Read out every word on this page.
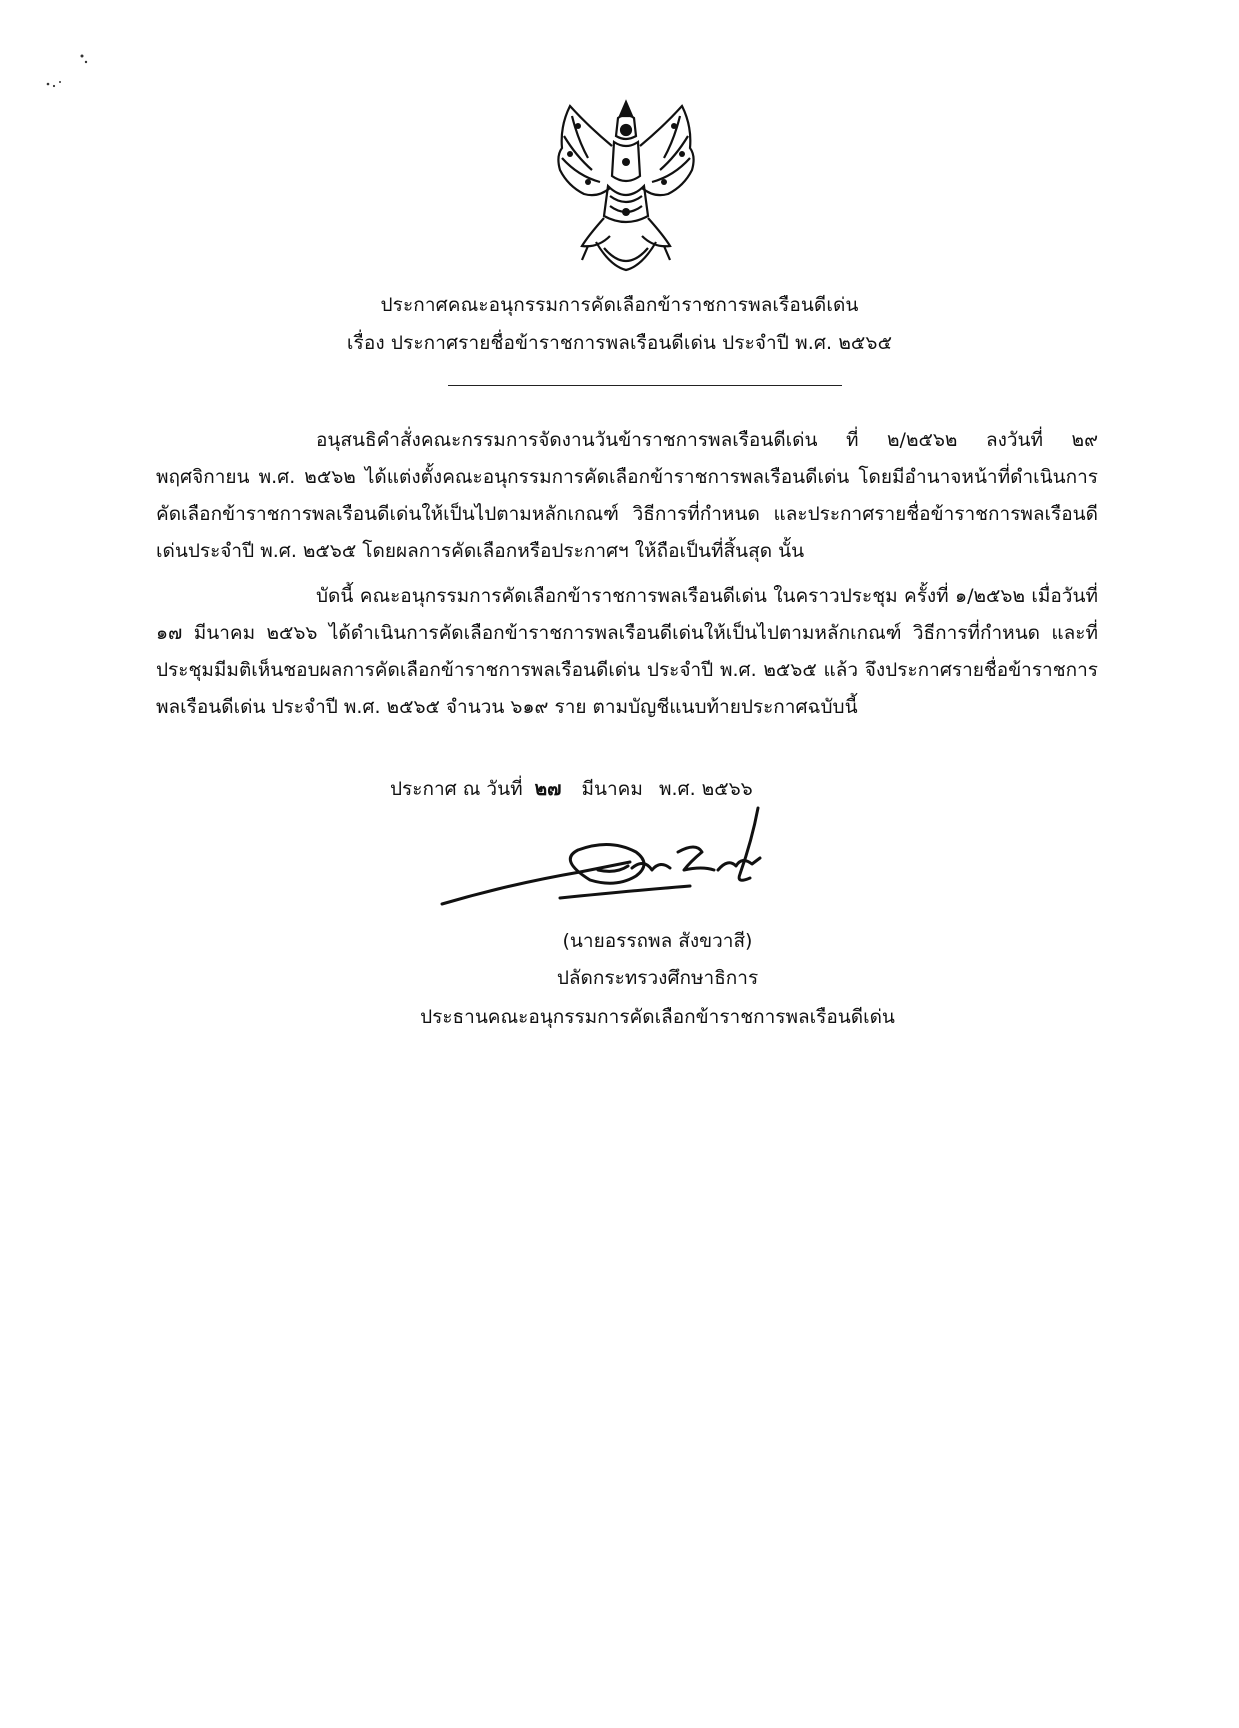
ประกาศคณะอนุกรรมการคัดเลือกข้าราชการพลเรือนดีเด่น
เรื่อง ประกาศรายชื่อข้าราชการพลเรือนดีเด่น ประจำปี พ.ศ. ๒๕๖๕
อนุสนธิคำสั่งคณะกรรมการจัดงานวันข้าราชการพลเรือนดีเด่น ที่ ๒/๒๕๖๒ ลงวันที่ ๒๙ พฤศจิกายน พ.ศ. ๒๕๖๒ ได้แต่งตั้งคณะอนุกรรมการคัดเลือกข้าราชการพลเรือนดีเด่น โดยมีอำนาจหน้าที่ดำเนินการคัดเลือกข้าราชการพลเรือนดีเด่นให้เป็นไปตามหลักเกณฑ์ วิธีการที่กำหนด และประกาศรายชื่อข้าราชการพลเรือนดีเด่นประจำปี พ.ศ. ๒๕๖๕ โดยผลการคัดเลือกหรือประกาศฯ ให้ถือเป็นที่สิ้นสุด นั้น
บัดนี้ คณะอนุกรรมการคัดเลือกข้าราชการพลเรือนดีเด่น ในคราวประชุม ครั้งที่ ๑/๒๕๖๒ เมื่อวันที่ ๑๗ มีนาคม ๒๕๖๖ ได้ดำเนินการคัดเลือกข้าราชการพลเรือนดีเด่นให้เป็นไปตามหลักเกณฑ์ วิธีการที่กำหนด และที่ประชุมมีมติเห็นชอบผลการคัดเลือกข้าราชการพลเรือนดีเด่น ประจำปี พ.ศ. ๒๕๖๕ แล้ว จึงประกาศรายชื่อข้าราชการพลเรือนดีเด่น ประจำปี พ.ศ. ๒๕๖๕ จำนวน ๖๑๙ ราย ตามบัญชีแนบท้ายประกาศฉบับนี้
ประกาศ ณ วันที่ ๒๗ มีนาคม พ.ศ. ๒๕๖๖
(นายอรรถพล สังขวาสี)
ปลัดกระทรวงศึกษาธิการ
ประธานคณะอนุกรรมการคัดเลือกข้าราชการพลเรือนดีเด่น
